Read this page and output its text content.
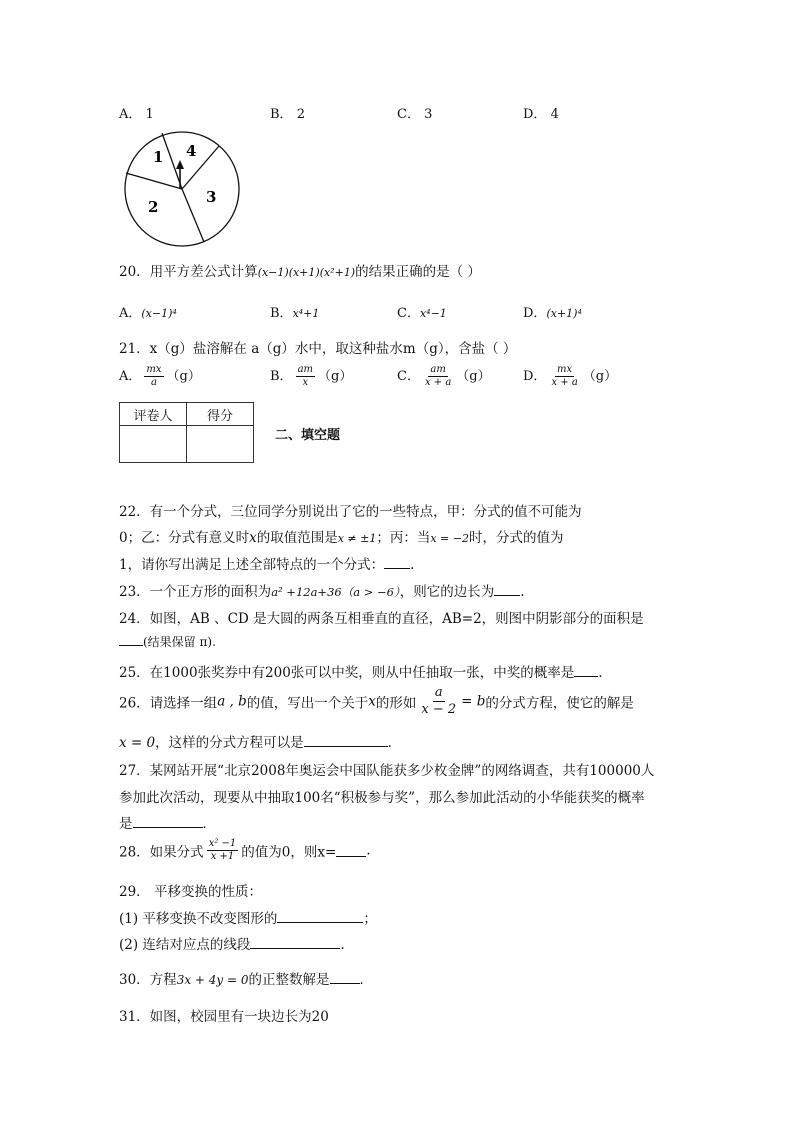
A． 1	B． 2	C． 3	D． 4
1
2
3
4
20．用平方差公式计算(x−1)(x+1)(x²+1)的结果正确的是（ ）
A．(x−1)⁴	B．x⁴+1	C．x⁴−1	D．(x+1)⁴
21．x（g）盐溶解在 a（g）水中，取这种盐水m（g），含盐（ ）
A． $\frac{mx}{a} (g)$	B． $\frac{am}{x} (g)$	C． $\frac{am}{x + a} (g)$ D． $\frac{mx}{x + a} (g)$
评卷人	得分

二、填空题
22．有一个分式，三位同学分别说出了它的一些特点，甲：分式的值不可能为
0；乙：分式有意义时x的取值范围是x ≠ ±1；丙：当x = −2时，分式的值为
1，请你写出满足上述全部特点的一个分式： .
23．一个正方形的面积为a² +12a+36（a > −6），则它的边长为 .
24．如图，AB 、CD 是大圆的两条互相垂直的直径，AB=2，则图中阴影部分的面积是
(结果保留 π).
25．在1000张奖券中有200张可以中奖，则从中任抽取一张，中奖的概率是 ．
26．请选择一组a , b的值，写出一个关于x的形如 $\frac{a}{x - 2} = b$的分式方程，使它的解是
x = 0，这样的分式方程可以是	．
27．某网站开展“北京2008年奥运会中国队能获多少枚金牌”的网络调查，共有100000人
参加此次活动，现要从中抽取100名“积极参与奖”，那么参加此活动的小华能获奖的概率
是	．
28．如果分式 $\frac{\text{x² −1}}{x +1}$ 的值为0，则x= .
29． 平移变换的性质：
(1) 平移变换不改变图形的	；
(2) 连结对应点的线段	.
30．方程3x + 4y = 0的正整数解是 ．
31．如图，校园里有一块边长为20
